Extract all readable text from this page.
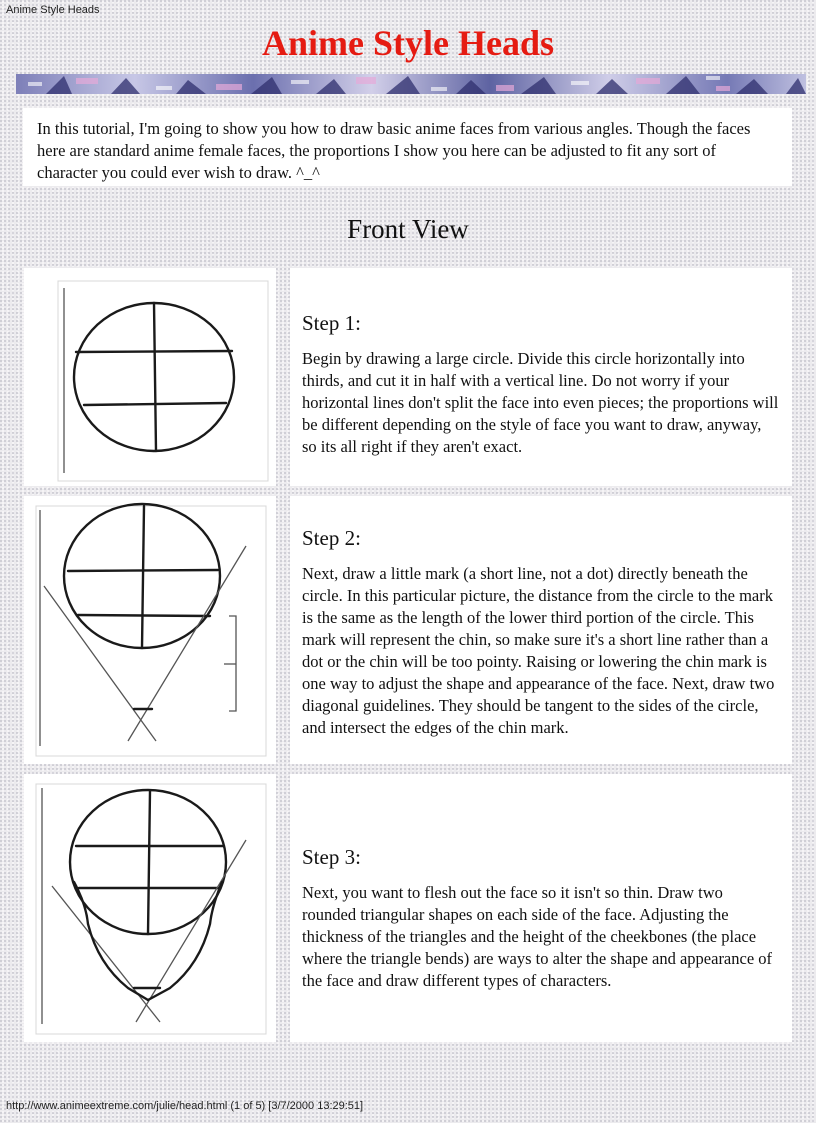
Anime Style Heads
Anime Style Heads
In this tutorial, I'm going to show you how to draw basic anime faces from various angles. Though the faces here are standard anime female faces, the proportions I show you here can be adjusted to fit any sort of character you could ever wish to draw. ^_^
Front View
Step 1:

Begin by drawing a large circle. Divide this circle horizontally into thirds, and cut it in half with a vertical line. Do not worry if your horizontal lines don't split the face into even pieces; the proportions will be different depending on the style of face you want to draw, anyway, so its all right if they aren't exact.

Step 2:

Next, draw a little mark (a short line, not a dot) directly beneath the circle. In this particular picture, the distance from the circle to the mark is the same as the length of the lower third portion of the circle. This mark will represent the chin, so make sure it's a short line rather than a dot or the chin will be too pointy. Raising or lowering the chin mark is one way to adjust the shape and appearance of the face. Next, draw two diagonal guidelines. They should be tangent to the sides of the circle, and intersect the edges of the chin mark.

Step 3:

Next, you want to flesh out the face so it isn't so thin. Draw two rounded triangular shapes on each side of the face. Adjusting the thickness of the triangles and the height of the cheekbones (the place where the triangle bends) are ways to alter the shape and appearance of the face and draw different types of characters.

http://www.animeextreme.com/julie/head.html (1 of 5) [3/7/2000 13:29:51]
